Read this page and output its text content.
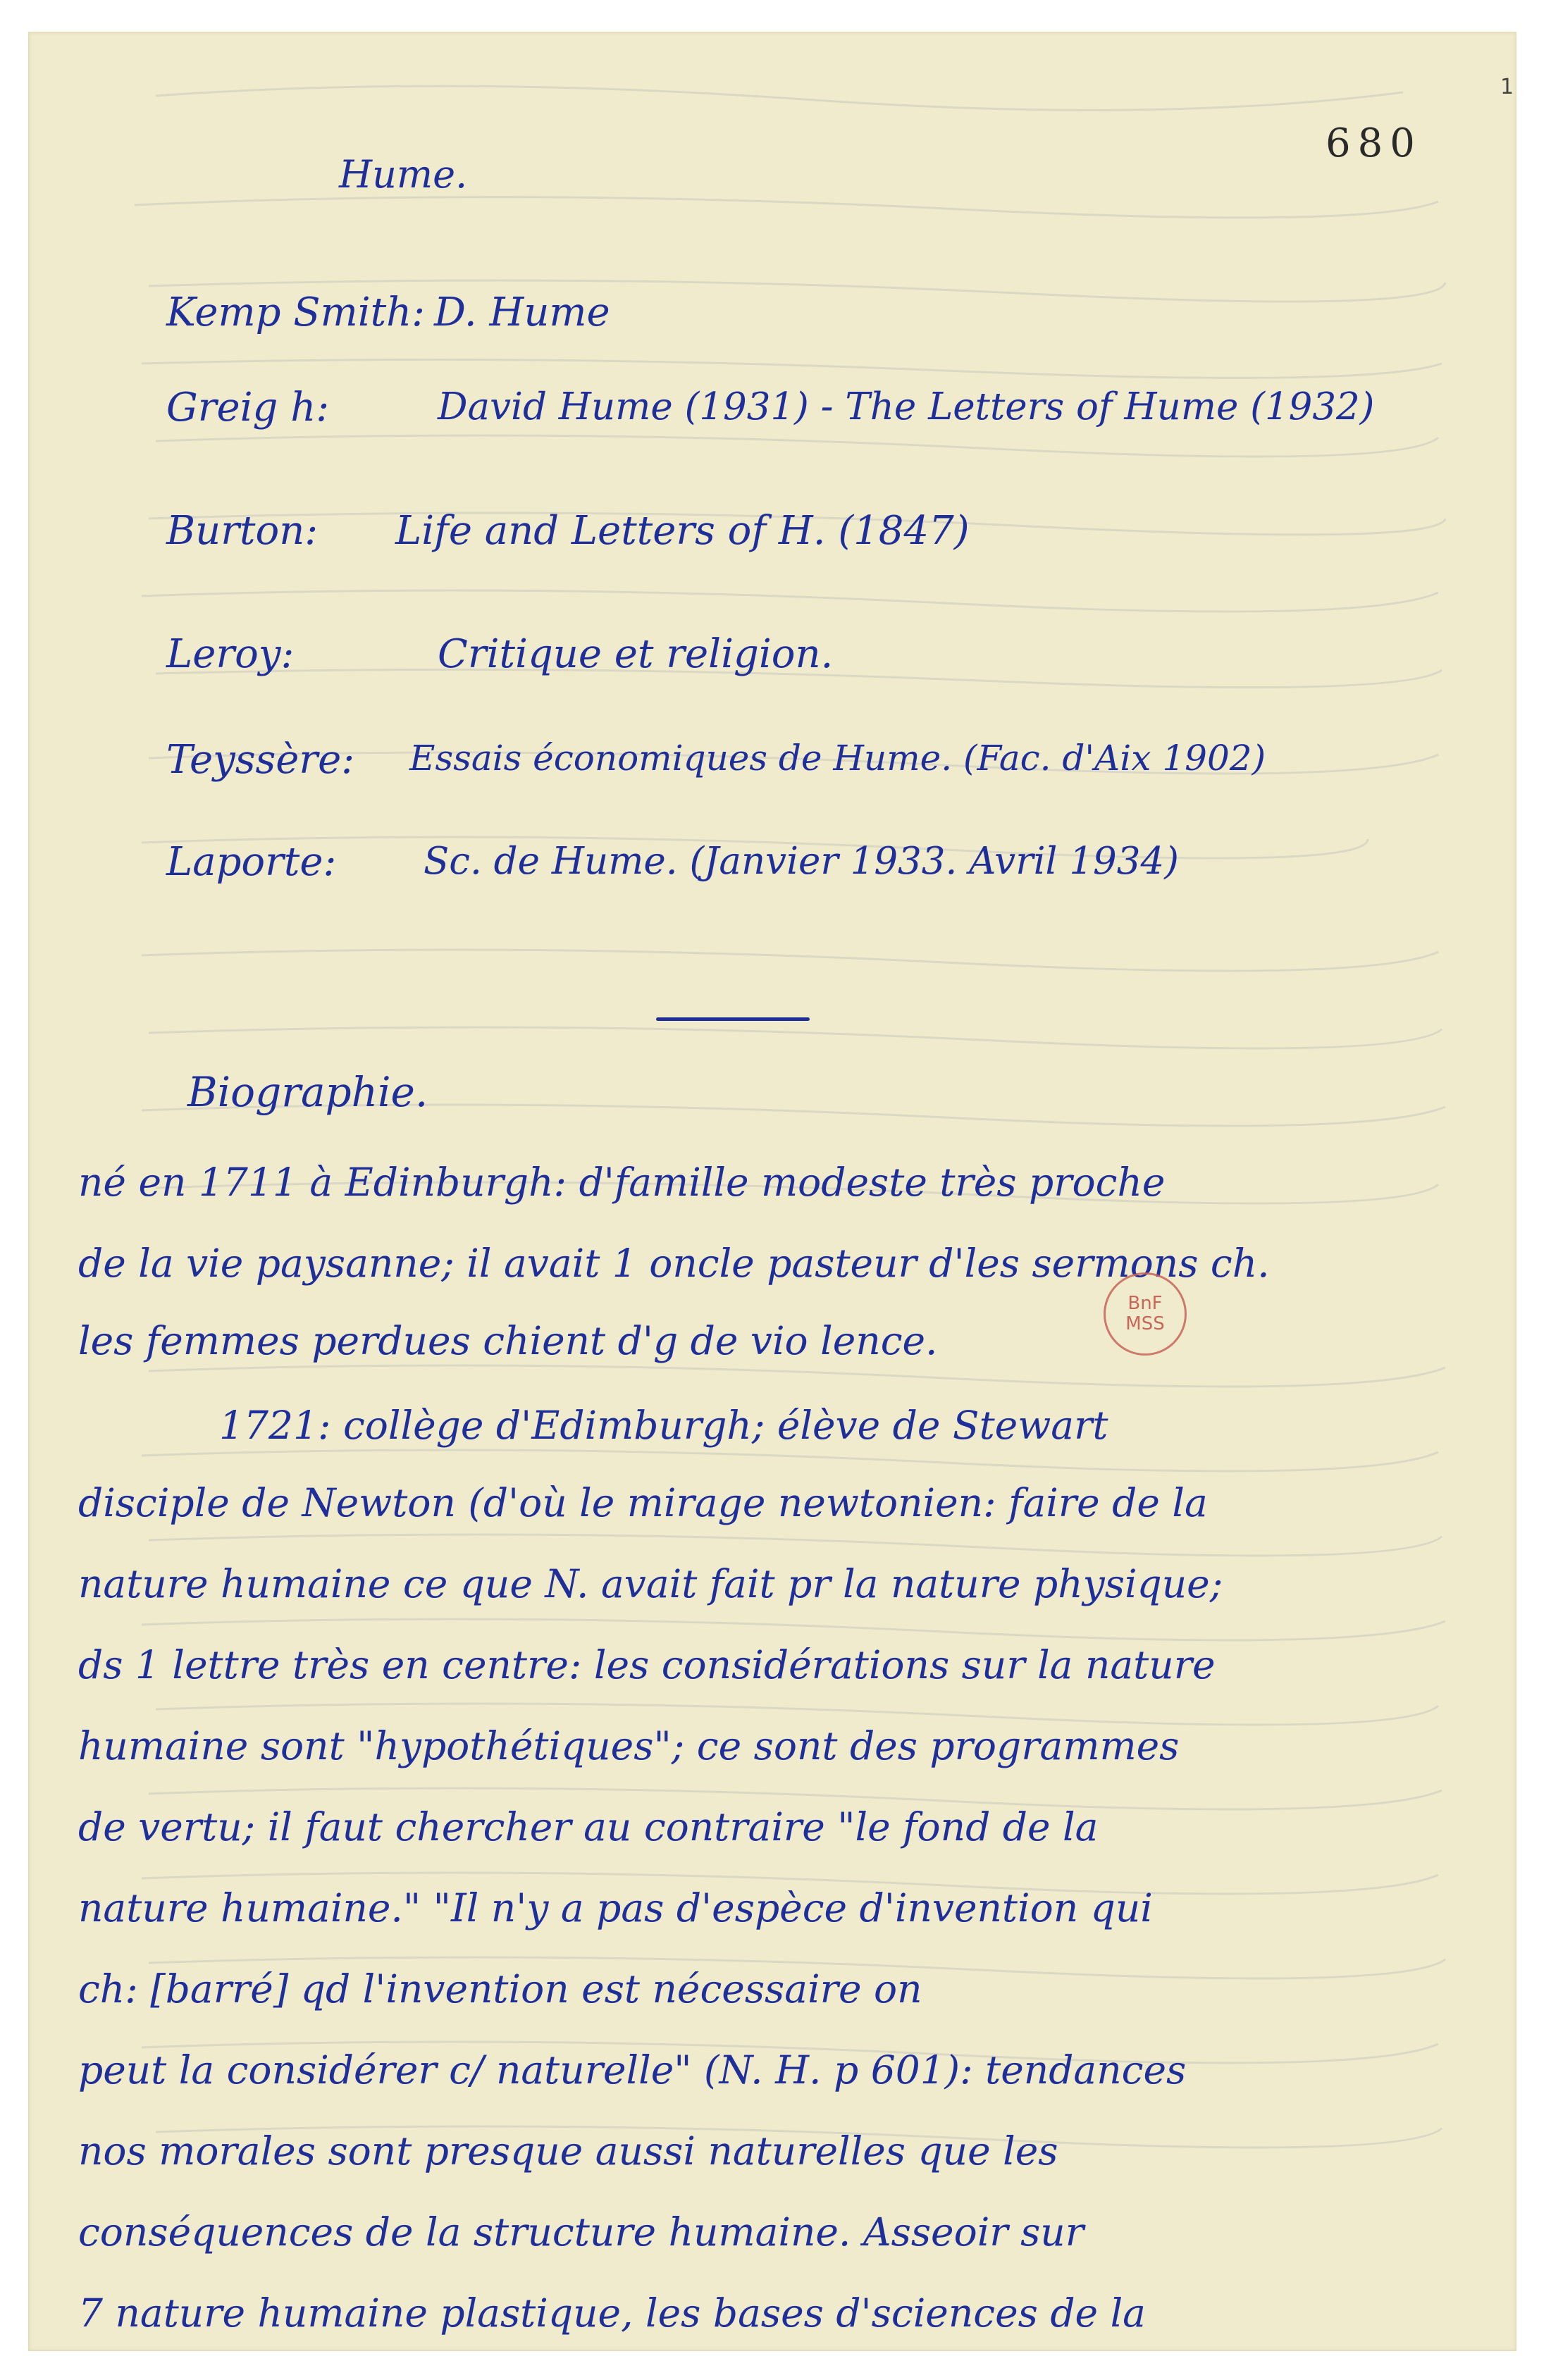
1
680
Hume.
Kemp Smith: D. Hume
Greig h:	David Hume (1931) - The Letters of Hume (1932)
Burton: Life and Letters of H. (1847)
Leroy:	Critique et religion.
Teyssère: Essais économiques de Hume. (Fac. d'Aix 1902)
Laporte: Sc. de Hume. (Janvier 1933. Avril 1934)
Biographie.
né en 1711 à Edinburgh: d'famille modeste très proche
de la vie paysanne; il avait 1 oncle pasteur d'les sermons ch.
les femmes perdues chient d'g de vio lence.
1721: collège d'Edimburgh; élève de Stewart
disciple de Newton (d'où le mirage newtonien: faire de la
nature humaine ce que N. avait fait pr la nature physique;
ds 1 lettre très en centre: les considérations sur la nature
humaine sont "hypothétiques"; ce sont des programmes
de vertu; il faut chercher au contraire "le fond de la
nature humaine." "Il n'y a pas d'espèce d'invention qui
ch: [barré] qd l'invention est nécessaire on
peut la considérer c/ naturelle" (N. H. p 601): tendances
nos morales sont presque aussi naturelles que les
conséquences de la structure humaine. Asseoir sur
7 nature humaine plastique, les bases d'sciences de la
BnF
MSS
